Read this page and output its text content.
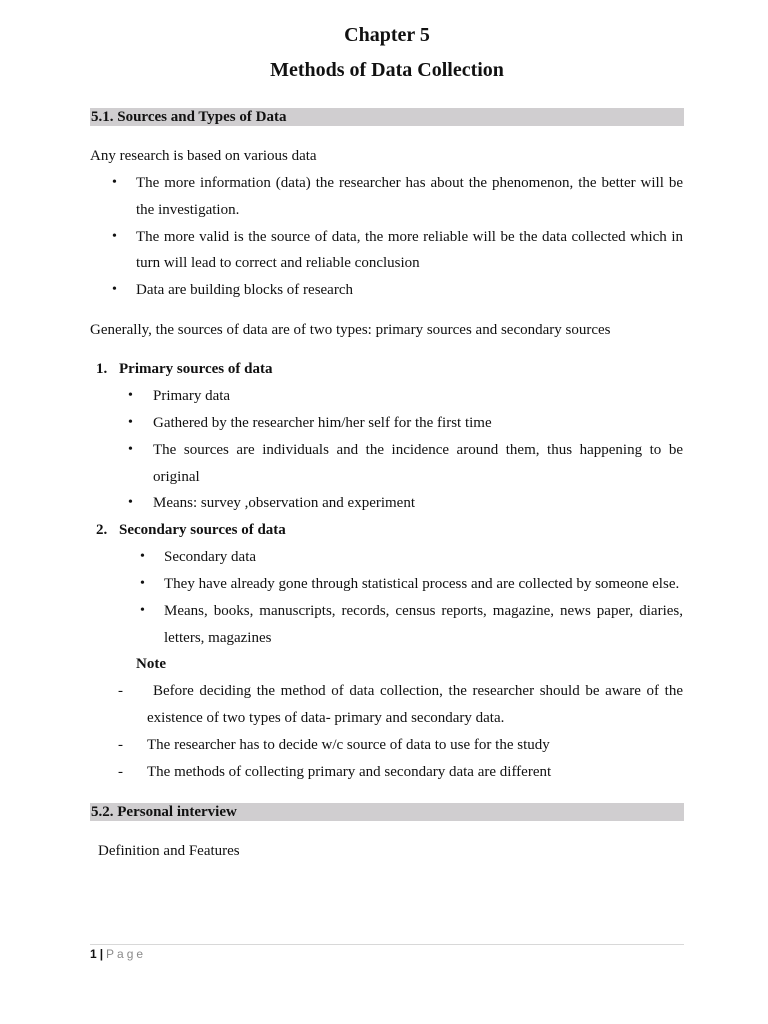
Chapter 5
Methods of Data Collection
5.1. Sources and Types of Data
Any research is based on various data
• The more information (data) the researcher has about the phenomenon, the better will be
the investigation.
• The more valid is the source of data, the more reliable will be the data collected which in
turn will lead to correct and reliable conclusion
• Data are building blocks of research
Generally, the sources of data are of two types: primary sources and secondary sources
1. Primary sources of data
• Primary data
• Gathered by the researcher him/her self for the first time
• The sources are individuals and the incidence around them, thus happening to be
original
• Means: survey ,observation and experiment
2. Secondary sources of data
• Secondary data
• They have already gone through statistical process and are collected by someone else.
• Means, books, manuscripts, records, census reports, magazine, news paper, diaries,
letters, magazines
Note
- Before deciding the method of data collection, the researcher should be aware of the
existence of two types of data- primary and secondary data.
- The researcher has to decide w/c source of data to use for the study
- The methods of collecting primary and secondary data are different
5.2. Personal interview
Definition and Features
1 | Page
